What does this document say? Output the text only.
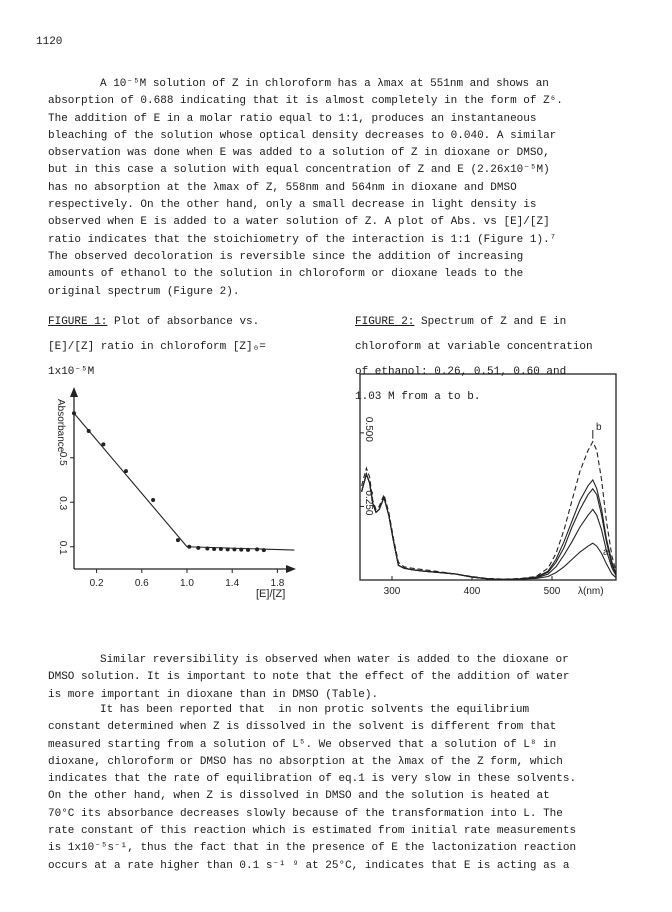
1120

A 10⁻⁵M solution of Z in chloroform has a λmax at 551nm and shows an
absorption of 0.688 indicating that it is almost completely in the form of Z⁶.
The addition of E in a molar ratio equal to 1:1, produces an instantaneous
bleaching of the solution whose optical density decreases to 0.040. A similar
observation was done when E was added to a solution of Z in dioxane or DMSO,
but in this case a solution with equal concentration of Z and E (2.26x10⁻⁵M)
has no absorption at the λmax of Z, 558nm and 564nm in dioxane and DMSO
respectively. On the other hand, only a small decrease in light density is
observed when E is added to a water solution of Z. A plot of Abs. vs [E]/[Z]
ratio indicates that the stoichiometry of the interaction is 1:1 (Figure 1).⁷
The observed decoloration is reversible since the addition of increasing
amounts of ethanol to the solution in chloroform or dioxane leads to the
original spectrum (Figure 2).

FIGURE 1: Plot of absorbance vs.

[E]/[Z] ratio in chloroform [Z]₀=

1x10⁻⁵M
FIGURE 2: Spectrum of Z and E in

chloroform at variable concentration

of ethanol: 0.26, 0.51, 0.60 and

1.03 M from a to b.
Absorbance
[E]/[Z]
0.2	0.6	1.0	1.4	1.8
0.5
0.3
0.1
λ(nm)
300	400	500
0.500
0.250
b
a

Similar reversibility is observed when water is added to the dioxane or
DMSO solution. It is important to note that the effect of the addition of water
is more important in dioxane than in DMSO (Table).

It has been reported that  in non protic solvents the equilibrium
constant determined when Z is dissolved in the solvent is different from that
measured starting from a solution of L⁵. We observed that a solution of L⁸ in
dioxane, chloroform or DMSO has no absorption at the λmax of the Z form, which
indicates that the rate of equilibration of eq.1 is very slow in these solvents.
On the other hand, when Z is dissolved in DMSO and the solution is heated at
70°C its absorbance decreases slowly because of the transformation into L. The
rate constant of this reaction which is estimated from initial rate measurements
is 1x10⁻⁵s⁻¹, thus the fact that in the presence of E the lactonization reaction
occurs at a rate higher than 0.1 s⁻¹ ⁹ at 25°C, indicates that E is acting as a
